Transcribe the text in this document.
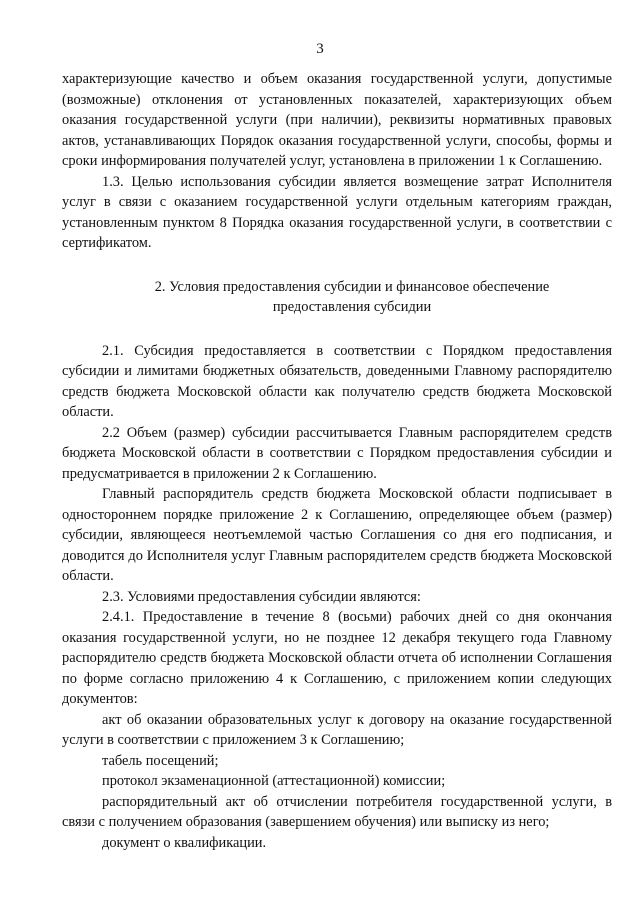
3

характеризующие качество и объем оказания государственной услуги, допустимые (возможные) отклонения от установленных показателей, характеризующих объем оказания государственной услуги (при наличии), реквизиты нормативных правовых актов, устанавливающих Порядок оказания государственной услуги, способы, формы и сроки информирования получателей услуг, установлена в приложении 1 к Соглашению.

1.3. Целью использования субсидии является возмещение затрат Исполнителя услуг в связи с оказанием государственной услуги отдельным категориям граждан, установленным пунктом 8 Порядка оказания государственной услуги, в соответствии с сертификатом.

2. Условия предоставления субсидии и финансовое обеспечение
предоставления субсидии

2.1. Субсидия предоставляется в соответствии с Порядком предоставления субсидии и лимитами бюджетных обязательств, доведенными Главному распорядителю средств бюджета Московской области как получателю средств бюджета Московской области.

2.2 Объем (размер) субсидии рассчитывается Главным распорядителем средств бюджета Московской области в соответствии с Порядком предоставления субсидии и предусматривается в приложении 2 к Соглашению.

Главный распорядитель средств бюджета Московской области подписывает в одностороннем порядке приложение 2 к Соглашению, определяющее объем (размер) субсидии, являющееся неотъемлемой частью Соглашения со дня его подписания, и доводится до Исполнителя услуг Главным распорядителем средств бюджета Московской области.

2.3. Условиями предоставления субсидии являются:

2.4.1. Предоставление в течение 8 (восьми) рабочих дней со дня окончания оказания государственной услуги, но не позднее 12 декабря текущего года Главному распорядителю средств бюджета Московской области отчета об исполнении Соглашения по форме согласно приложению 4 к Соглашению, с приложением копии следующих документов:

акт об оказании образовательных услуг к договору на оказание государственной услуги в соответствии с приложением 3 к Соглашению;

табель посещений;

протокол экзаменационной (аттестационной) комиссии;

распорядительный акт об отчислении потребителя государственной услуги, в связи с получением образования (завершением обучения) или выписку из него;

документ о квалификации.
